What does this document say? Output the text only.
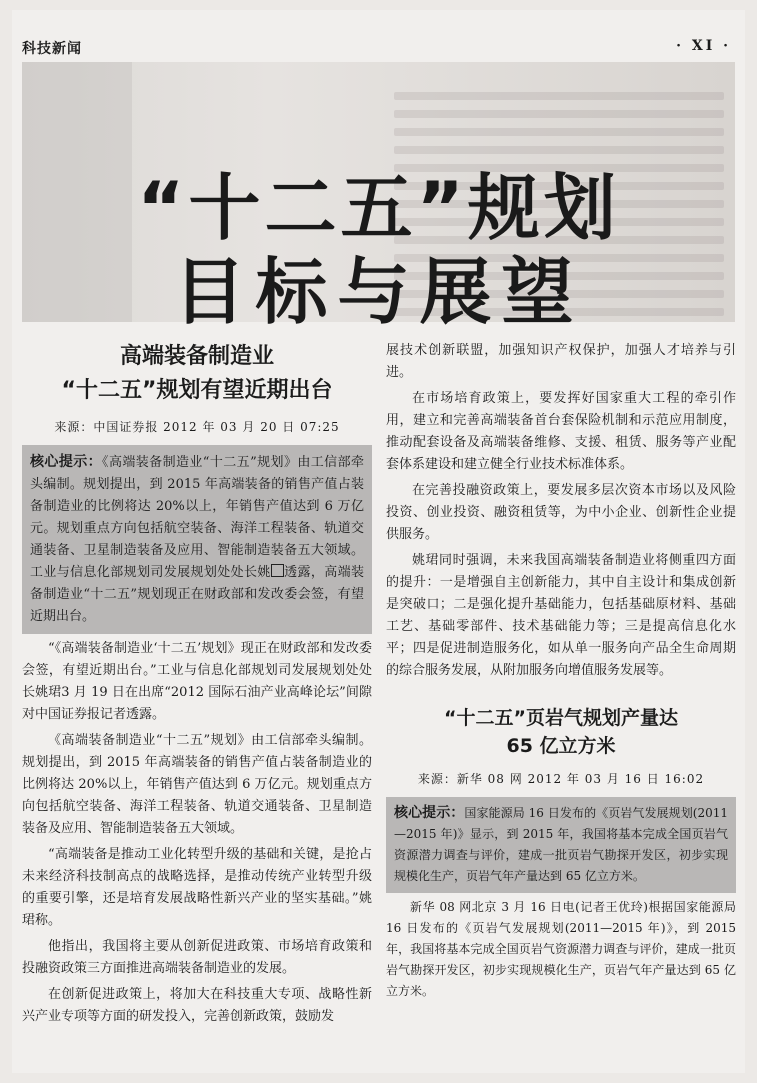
科技新闻	· XI ·
“十二五”规划
目标与展望
高端装备制造业
“十二五”规划有望近期出台
来源：中国证券报 2012 年 03 月 20 日 07:25
核心提示：《高端装备制造业“十二五”规划》由工信部牵头编制。规划提出，到 2015 年高端装备的销售产值占装备制造业的比例将达 20%以上，年销售产值达到 6 万亿元。规划重点方向包括航空装备、海洋工程装备、轨道交通装备、卫星制造装备及应用、智能制造装备五大领域。工业与信息化部规划司发展规划处处长姚 透露，高端装备制造业“十二五”规划现正在财政部和发改委会签，有望近期出台。

“《高端装备制造业‘十二五’规划》现正在财政部和发改委会签，有望近期出台。”工业与信息化部规划司发展规划处处长姚珺3 月 19 日在出席“2012 国际石油产业高峰论坛”间隙对中国证券报记者透露。

《高端装备制造业“十二五”规划》由工信部牵头编制。规划提出，到 2015 年高端装备的销售产值占装备制造业的比例将达 20%以上，年销售产值达到 6 万亿元。规划重点方向包括航空装备、海洋工程装备、轨道交通装备、卫星制造装备及应用、智能制造装备五大领域。

“高端装备是推动工业化转型升级的基础和关键，是抢占未来经济科技制高点的战略选择，是推动传统产业转型升级的重要引擎，还是培育发展战略性新兴产业的坚实基础。”姚珺称。

他指出，我国将主要从创新促进政策、市场培育政策和投融资政策三方面推进高端装备制造业的发展。

在创新促进政策上，将加大在科技重大专项、战略性新兴产业专项等方面的研发投入，完善创新政策，鼓励发

展技术创新联盟，加强知识产权保护，加强人才培养与引进。

在市场培育政策上，要发挥好国家重大工程的牵引作用，建立和完善高端装备首台套保险机制和示范应用制度，推动配套设备及高端装备维修、支援、租赁、服务等产业配套体系建设和建立健全行业技术标准体系。

在完善投融资政策上，要发展多层次资本市场以及风险投资、创业投资、融资租赁等，为中小企业、创新性企业提供服务。

姚珺同时强调，未来我国高端装备制造业将侧重四方面的提升：一是增强自主创新能力，其中自主设计和集成创新是突破口；二是强化提升基础能力，包括基础原材料、基础工艺、基础零部件、技术基础能力等；三是提高信息化水平；四是促进制造服务化，如从单一服务向产品全生命周期的综合服务发展，从附加服务向增值服务发展等。

“十二五”页岩气规划产量达
65 亿立方米
来源：新华 08 网 2012 年 03 月 16 日 16:02
核心提示：国家能源局 16 日发布的《页岩气发展规划(2011—2015 年)》显示，到 2015 年，我国将基本完成全国页岩气资源潜力调查与评价，建成一批页岩气勘探开发区，初步实现规模化生产，页岩气年产量达到 65 亿立方米。

新华 08 网北京 3 月 16 日电(记者王优玲)根据国家能源局 16 日发布的《页岩气发展规划(2011—2015 年)》，到 2015 年，我国将基本完成全国页岩气资源潜力调查与评价，建成一批页岩气勘探开发区，初步实现规模化生产，页岩气年产量达到 65 亿立方米。
